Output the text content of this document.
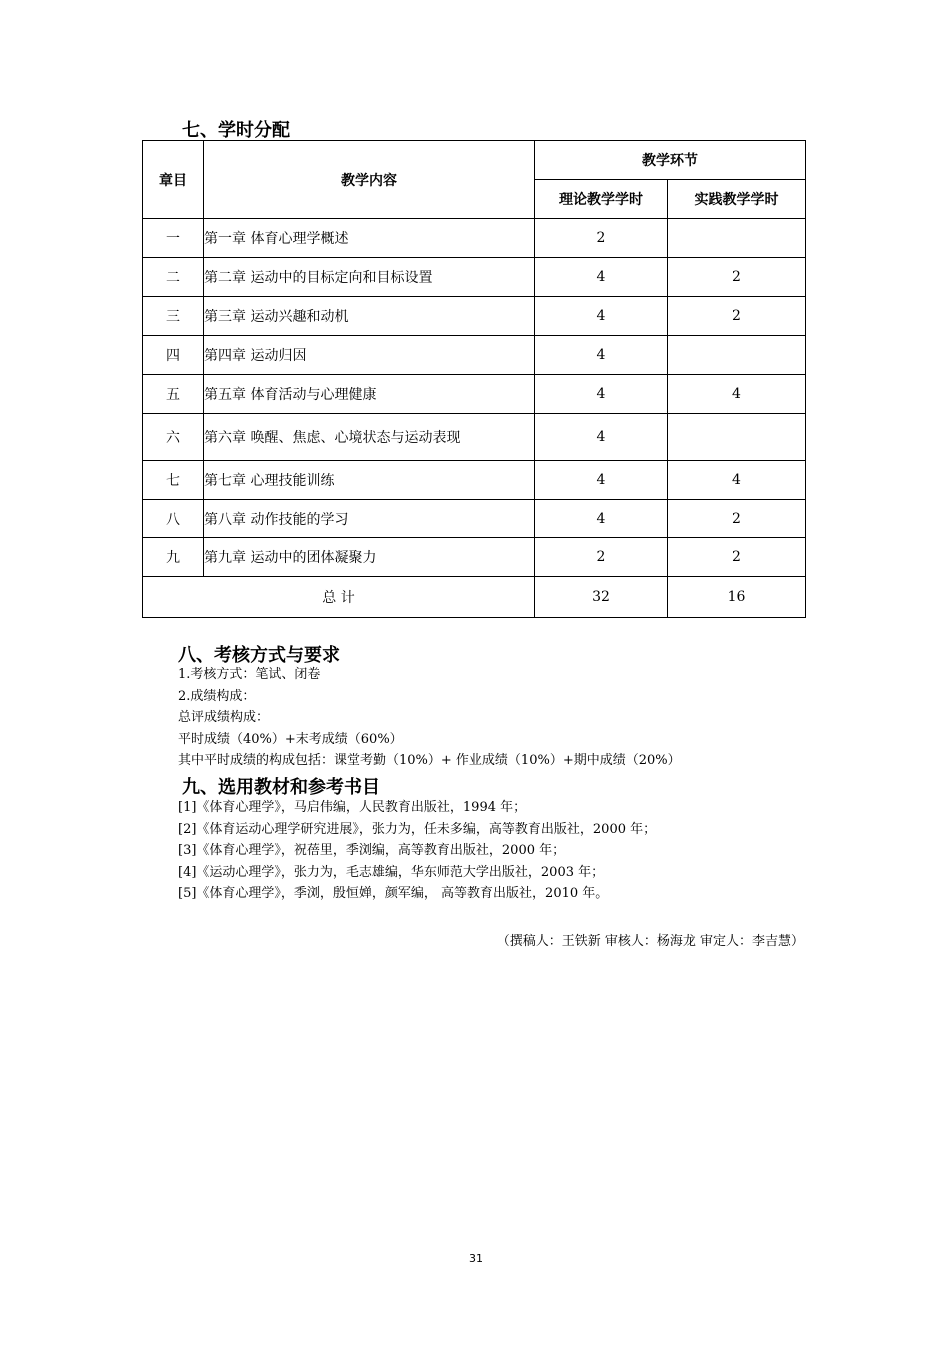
七、学时分配
章目	教学内容	教学环节	
		理论教学学时	实践教学学时
一	第一章 体育心理学概述	2	
二	第二章 运动中的目标定向和目标设置	4	2
三	第三章 运动兴趣和动机	4	2
四	第四章 运动归因	4	
五	第五章 体育活动与心理健康	4	4
六	第六章 唤醒、焦虑、心境状态与运动表现	4	
七	第七章 心理技能训练	4	4
八	第八章 动作技能的学习	4	2
九	第九章 运动中的团体凝聚力	2	2
总 计		32	16
八、考核方式与要求
1.考核方式：笔试、闭卷
2.成绩构成：
总评成绩构成：
平时成绩（40%）+末考成绩（60%）
其中平时成绩的构成包括：课堂考勤（10%）+ 作业成绩（10%）+期中成绩（20%）
九、选用教材和参考书目
[1]《体育心理学》，马启伟编，人民教育出版社，1994 年；
[2]《体育运动心理学研究进展》，张力为，任未多编，高等教育出版社，2000 年；
[3]《体育心理学》，祝蓓里，季浏编，高等教育出版社，2000 年；
[4]《运动心理学》，张力为，毛志雄编，华东师范大学出版社，2003 年；
[5]《体育心理学》，季浏，殷恒婵，颜军编， 高等教育出版社，2010 年。
（撰稿人：王铁新 审核人：杨海龙 审定人：李吉慧）
31
